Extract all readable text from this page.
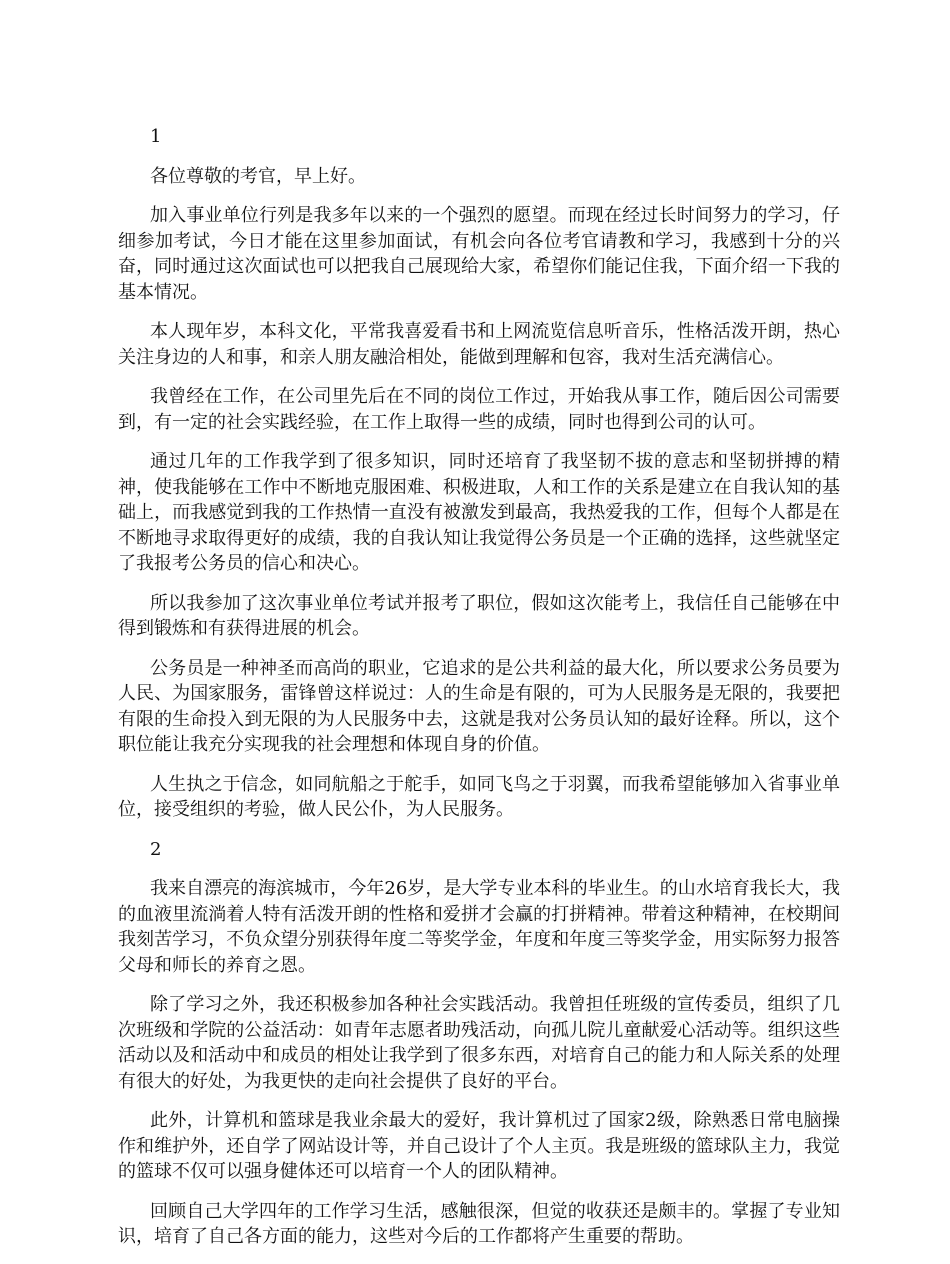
1

各位尊敬的考官，早上好。

加入事业单位行列是我多年以来的一个强烈的愿望。而现在经过长时间努力的学习，仔细参加考试，今日才能在这里参加面试，有机会向各位考官请教和学习，我感到十分的兴奋，同时通过这次面试也可以把我自己展现给大家，希望你们能记住我，下面介绍一下我的基本情况。

本人现年岁，本科文化，平常我喜爱看书和上网流览信息听音乐，性格活泼开朗，热心关注身边的人和事，和亲人朋友融洽相处，能做到理解和包容，我对生活充满信心。

我曾经在工作，在公司里先后在不同的岗位工作过，开始我从事工作，随后因公司需要到，有一定的社会实践经验，在工作上取得一些的成绩，同时也得到公司的认可。

通过几年的工作我学到了很多知识，同时还培育了我坚韧不拔的意志和坚韧拼搏的精神，使我能够在工作中不断地克服困难、积极进取，人和工作的关系是建立在自我认知的基础上，而我感觉到我的工作热情一直没有被激发到最高，我热爱我的工作，但每个人都是在不断地寻求取得更好的成绩，我的自我认知让我觉得公务员是一个正确的选择，这些就坚定了我报考公务员的信心和决心。

所以我参加了这次事业单位考试并报考了职位，假如这次能考上，我信任自己能够在中得到锻炼和有获得进展的机会。

公务员是一种神圣而高尚的职业，它追求的是公共利益的最大化，所以要求公务员要为人民、为国家服务，雷锋曾这样说过：人的生命是有限的，可为人民服务是无限的，我要把有限的生命投入到无限的为人民服务中去，这就是我对公务员认知的最好诠释。所以，这个职位能让我充分实现我的社会理想和体现自身的价值。

人生执之于信念，如同航船之于舵手，如同飞鸟之于羽翼，而我希望能够加入省事业单位，接受组织的考验，做人民公仆，为人民服务。

2

我来自漂亮的海滨城市，今年26岁，是大学专业本科的毕业生。的山水培育我长大，我的血液里流淌着人特有活泼开朗的性格和爱拼才会赢的打拼精神。带着这种精神，在校期间我刻苦学习，不负众望分别获得年度二等奖学金，年度和年度三等奖学金，用实际努力报答父母和师长的养育之恩。

除了学习之外，我还积极参加各种社会实践活动。我曾担任班级的宣传委员，组织了几次班级和学院的公益活动：如青年志愿者助残活动，向孤儿院儿童献爱心活动等。组织这些活动以及和活动中和成员的相处让我学到了很多东西，对培育自己的能力和人际关系的处理有很大的好处，为我更快的走向社会提供了良好的平台。

此外，计算机和篮球是我业余最大的爱好，我计算机过了国家2级，除熟悉日常电脑操作和维护外，还自学了网站设计等，并自己设计了个人主页。我是班级的篮球队主力，我觉的篮球不仅可以强身健体还可以培育一个人的团队精神。

回顾自己大学四年的工作学习生活，感触很深，但觉的收获还是颇丰的。掌握了专业知识，培育了自己各方面的能力，这些对今后的工作都将产生重要的帮助。
